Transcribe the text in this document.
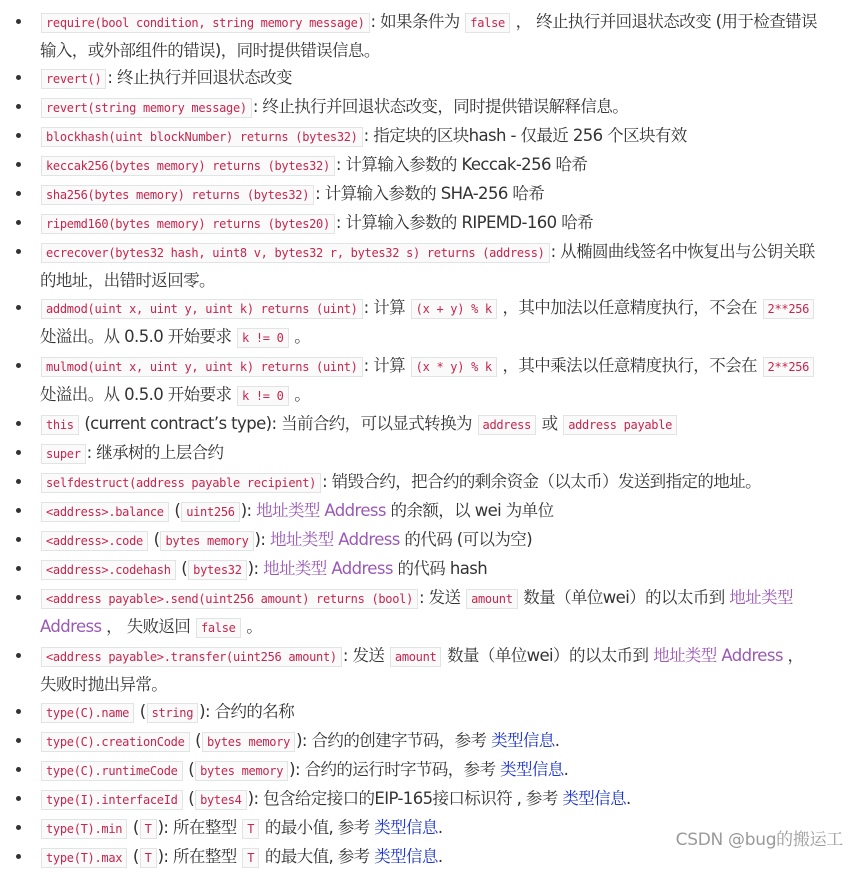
require(bool condition, string memory message) : 如果条件为 false ， 终止执行并回退状态改变 (用于检查错误输入，或外部组件的错误)，同时提供错误信息。
revert() : 终止执行并回退状态改变
revert(string memory message) : 终止执行并回退状态改变，同时提供错误解释信息。
blockhash(uint blockNumber) returns (bytes32) : 指定块的区块hash - 仅最近 256 个区块有效
keccak256(bytes memory) returns (bytes32) : 计算输入参数的 Keccak-256 哈希
sha256(bytes memory) returns (bytes32) : 计算输入参数的 SHA-256 哈希
ripemd160(bytes memory) returns (bytes20) : 计算输入参数的 RIPEMD-160 哈希
ecrecover(bytes32 hash, uint8 v, bytes32 r, bytes32 s) returns (address) : 从椭圆曲线签名中恢复出与公钥关联的地址，出错时返回零。
addmod(uint x, uint y, uint k) returns (uint) : 计算 (x + y) % k ，其中加法以任意精度执行，不会在 2**256 处溢出。从 0.5.0 开始要求 k != 0 。
mulmod(uint x, uint y, uint k) returns (uint) : 计算 (x * y) % k ，其中乘法以任意精度执行，不会在 2**256 处溢出。从 0.5.0 开始要求 k != 0 。
this (current contract’s type): 当前合约，可以显式转换为 address 或 address payable
super : 继承树的上层合约
selfdestruct(address payable recipient) : 销毁合约，把合约的剩余资金（以太币）发送到指定的地址。
<address>.balance ( uint256 ): 地址类型 Address 的余额，以 wei 为单位
<address>.code ( bytes memory ): 地址类型 Address 的代码 (可以为空)
<address>.codehash ( bytes32 ): 地址类型 Address 的代码 hash
<address payable>.send(uint256 amount) returns (bool) : 发送 amount 数量（单位wei）的以太币到 地址类型 Address ， 失败返回 false 。
<address payable>.transfer(uint256 amount) : 发送 amount 数量（单位wei）的以太币到 地址类型 Address ， 失败时抛出异常。
type(C).name ( string ): 合约的名称
type(C).creationCode ( bytes memory ): 合约的创建字节码，参考 类型信息.
type(C).runtimeCode ( bytes memory ): 合约的运行时字节码，参考 类型信息.
type(I).interfaceId ( bytes4 ): 包含给定接口的EIP-165接口标识符 , 参考 类型信息.
type(T).min ( T ): 所在整型 T 的最小值, 参考 类型信息.
type(T).max ( T ): 所在整型 T 的最大值, 参考 类型信息.
CSDN @bug的搬运工
